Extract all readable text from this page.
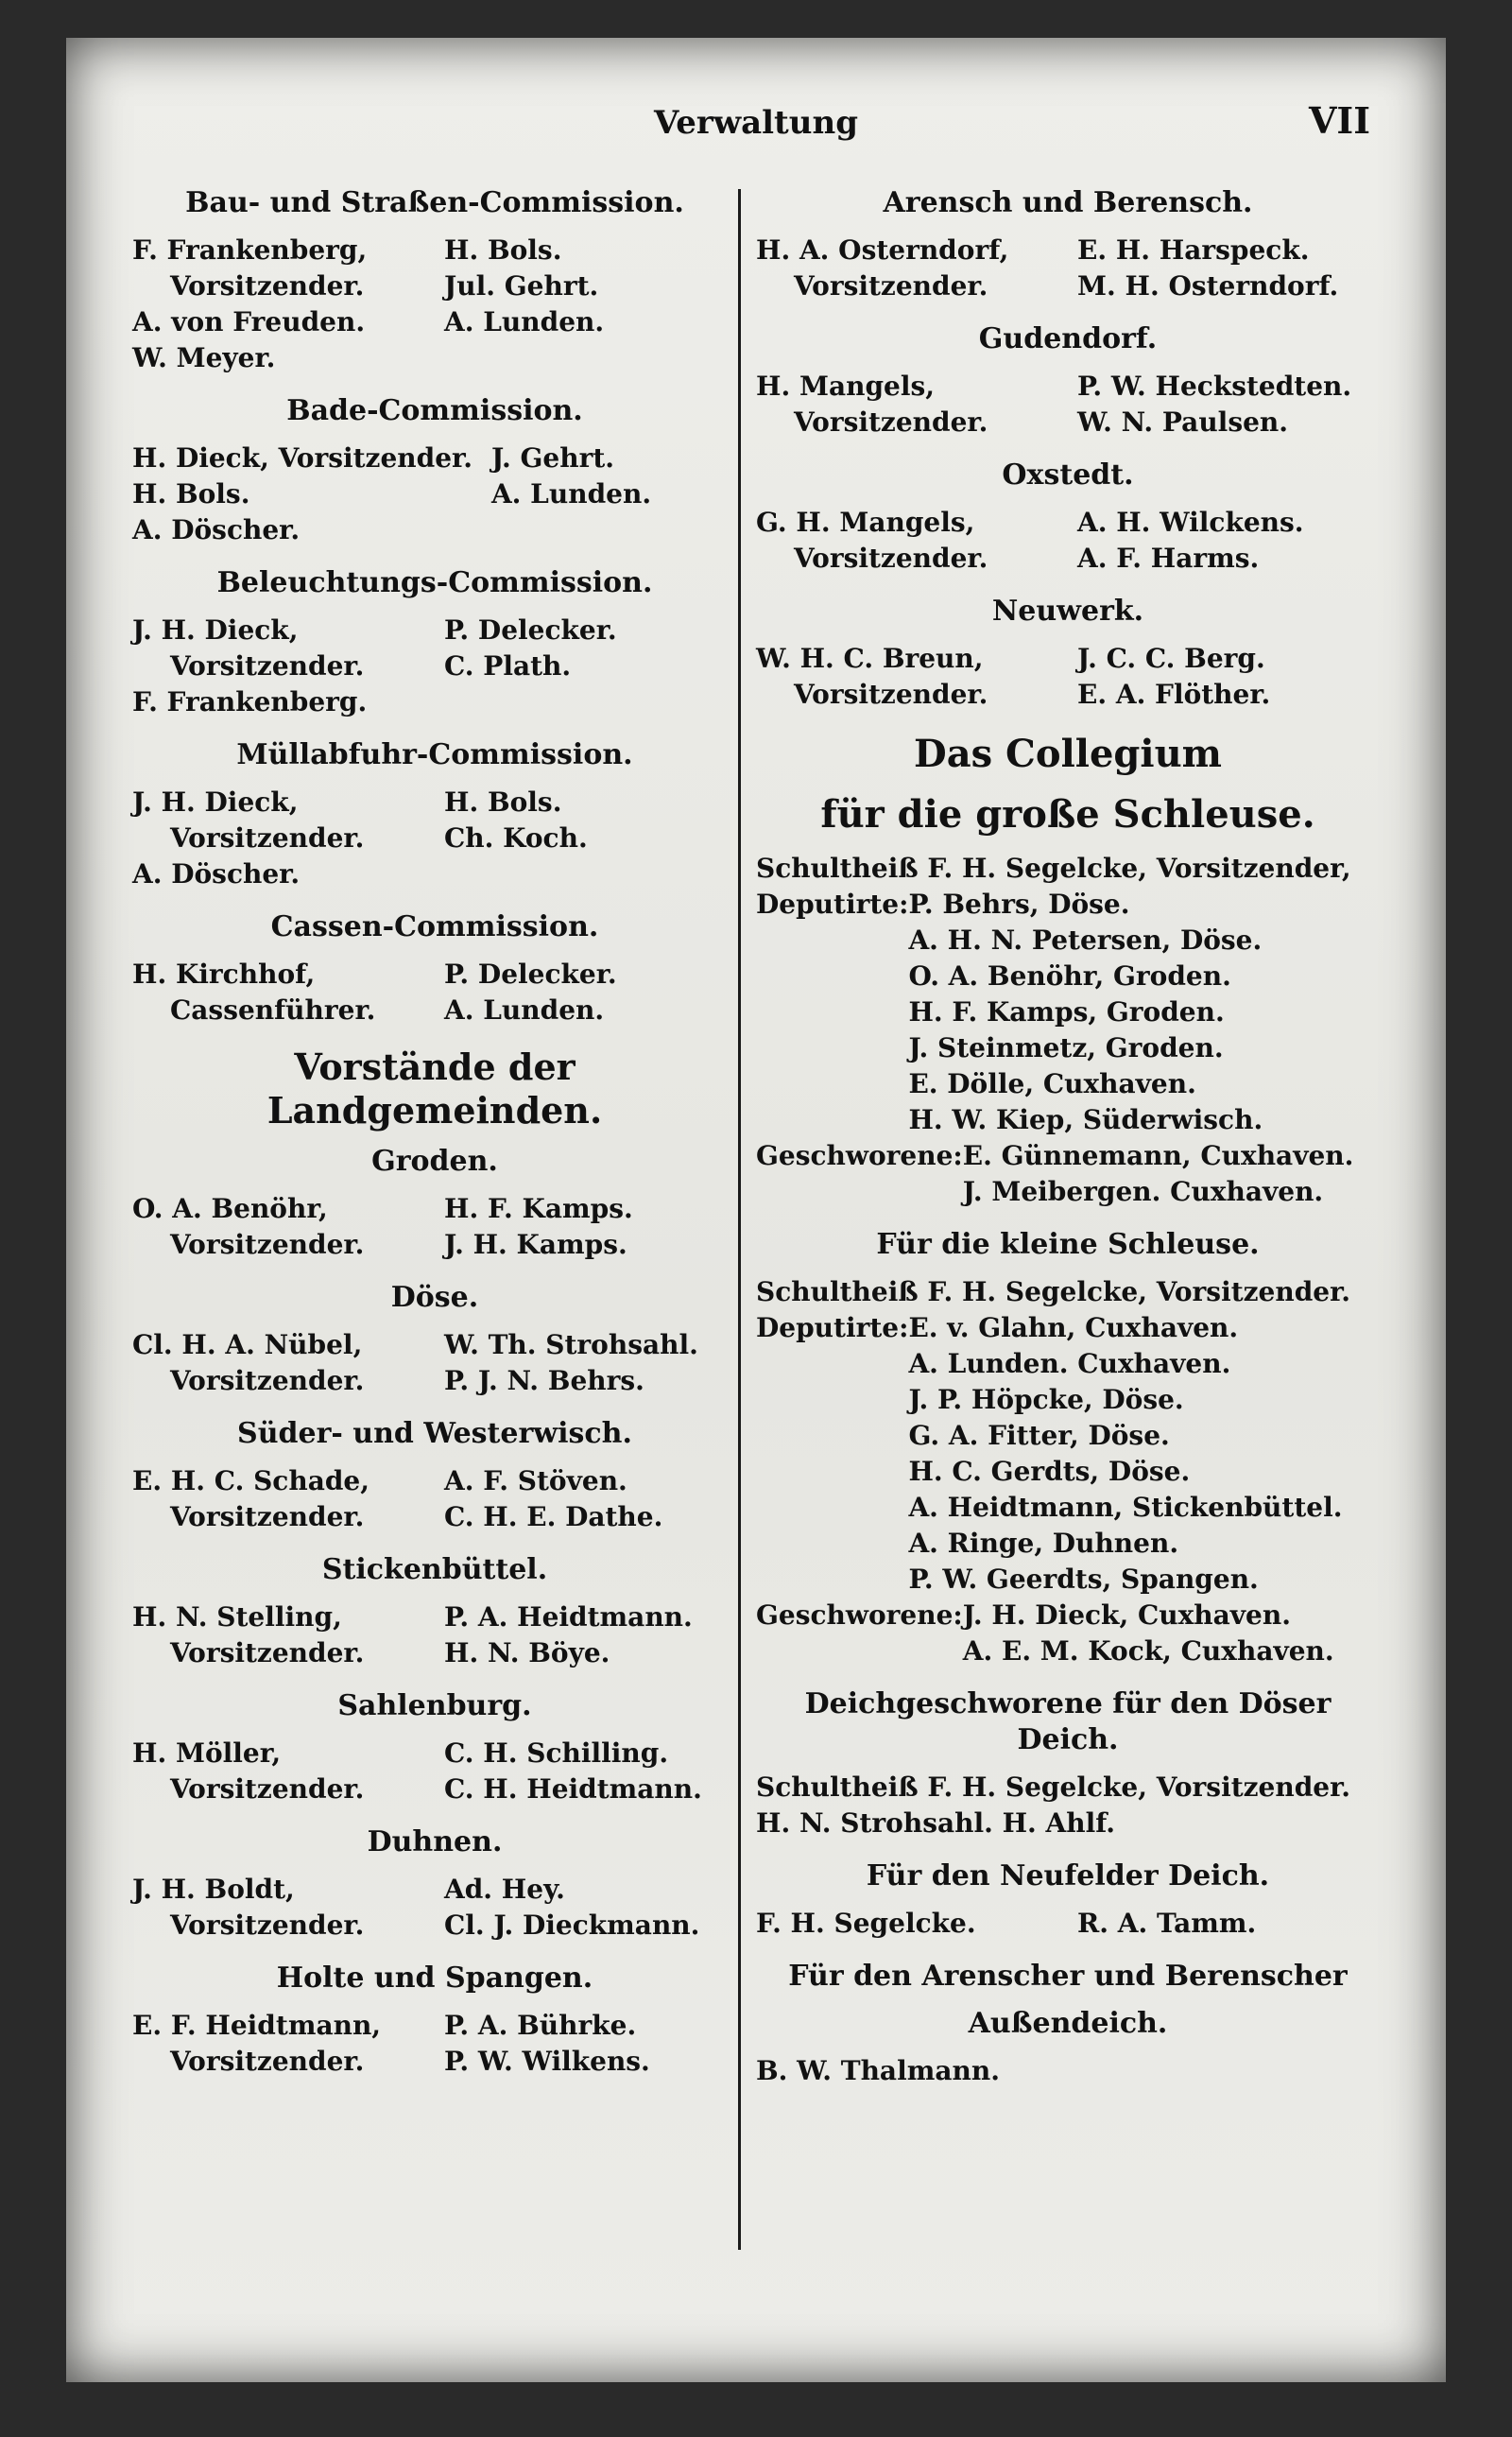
Verwaltung	VII
Bau- und Straßen-Commission.
F. Frankenberg,	H. Bols.
Vorsitzender.	Jul. Gehrt.
A. von Freuden.	A. Lunden.
W. Meyer.
Bade-Commission.
H. Dieck, Vorsitzender. J. Gehrt.
H. Bols.	A. Lunden.
A. Döscher.
Beleuchtungs-Commission.
J. H. Dieck,	P. Delecker.
Vorsitzender.	C. Plath.
F. Frankenberg.
Müllabfuhr-Commission.
J. H. Dieck,	H. Bols.
Vorsitzender.	Ch. Koch.
A. Döscher.
Cassen-Commission.
H. Kirchhof,	P. Delecker.
Cassenführer.	A. Lunden.
Vorstände der Landgemeinden.
Groden.
O. A. Benöhr,	H. F. Kamps.
Vorsitzender.	J. H. Kamps.
Döse.
Cl. H. A. Nübel,	W. Th. Strohsahl.
Vorsitzender.	P. J. N. Behrs.
Süder- und Westerwisch.
E. H. C. Schade,	A. F. Stöven.
Vorsitzender.	C. H. E. Dathe.
Stickenbüttel.
H. N. Stelling,	P. A. Heidtmann.
Vorsitzender.	H. N. Böye.
Sahlenburg.
H. Möller,	C. H. Schilling.
Vorsitzender.	C. H. Heidtmann.
Duhnen.
J. H. Boldt,	Ad. Hey.
Vorsitzender.	Cl. J. Dieckmann.
Holte und Spangen.
E. F. Heidtmann,	P. A. Bührke.
Vorsitzender.	P. W. Wilkens.
Arensch und Berensch.
H. A. Osterndorf,	E. H. Harspeck.
Vorsitzender.	M. H. Osterndorf.
Gudendorf.
H. Mangels,	P. W. Heckstedten.
Vorsitzender.	W. N. Paulsen.
Oxstedt.
G. H. Mangels,	A. H. Wilckens.
Vorsitzender.	A. F. Harms.
Neuwerk.
W. H. C. Breun,	J. C. C. Berg.
Vorsitzender.	E. A. Flöther.
Das Collegium
für die große Schleuse.
Schultheiß F. H. Segelcke, Vorsitzender,
Deputirte: P. Behrs, Döse.
A. H. N. Petersen, Döse.
O. A. Benöhr, Groden.
H. F. Kamps, Groden.
J. Steinmetz, Groden.
E. Dölle, Cuxhaven.
H. W. Kiep, Süderwisch.
Geschworene: E. Günnemann, Cuxhaven.
J. Meibergen. Cuxhaven.
Für die kleine Schleuse.
Schultheiß F. H. Segelcke, Vorsitzender.
Deputirte: E. v. Glahn, Cuxhaven.
A. Lunden. Cuxhaven.
J. P. Höpcke, Döse.
G. A. Fitter, Döse.
H. C. Gerdts, Döse.
A. Heidtmann, Stickenbüttel.
A. Ringe, Duhnen.
P. W. Geerdts, Spangen.
Geschworene: J. H. Dieck, Cuxhaven.
A. E. M. Kock, Cuxhaven.
Deichgeschworene für den Döser Deich.
Schultheiß F. H. Segelcke, Vorsitzender.
H. N. Strohsahl. H. Ahlf.
Für den Neufelder Deich.
F. H. Segelcke.	R. A. Tamm.
Für den Arenscher und Berenscher
Außendeich.
B. W. Thalmann.
